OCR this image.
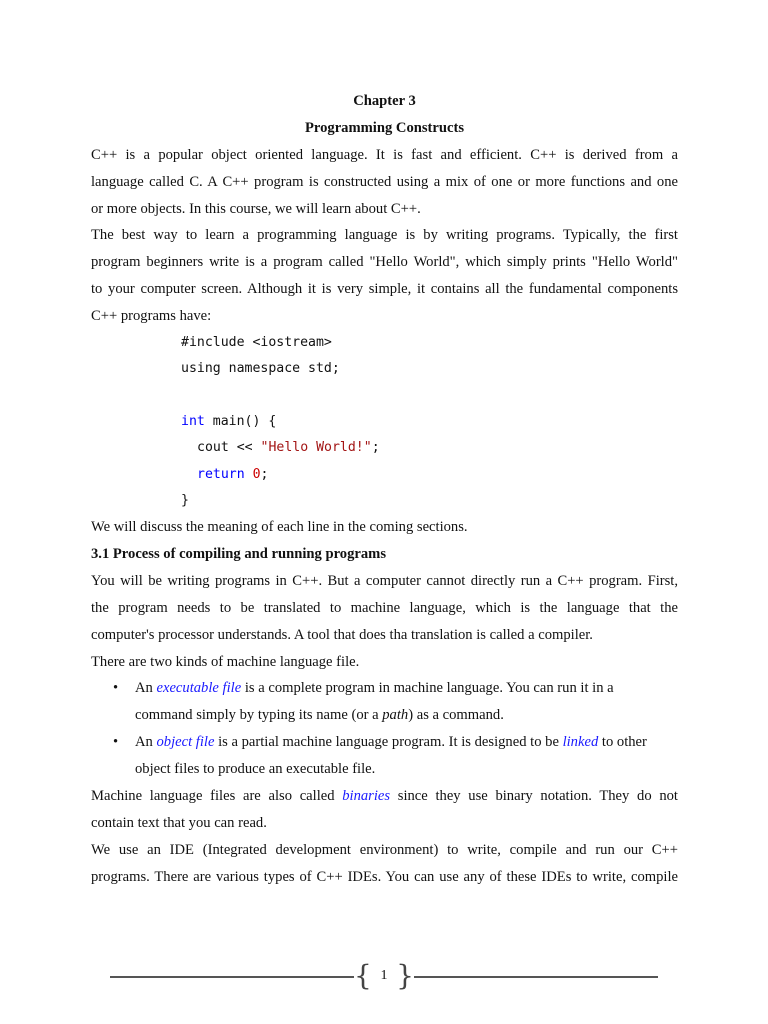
Chapter 3
Programming Constructs
C++ is a popular object oriented language. It is fast and efficient. C++ is derived from a
language called C. A C++ program is constructed using a mix of one or more functions and one
or more objects. In this course, we will learn about C++.
The best way to learn a programming language is by writing programs. Typically, the first
program beginners write is a program called "Hello World", which simply prints "Hello World"
to your computer screen. Although it is very simple, it contains all the fundamental components
C++ programs have:
#include <iostream>
using namespace std;

int main() {
cout << "Hello World!";
return 0;
}
We will discuss the meaning of each line in the coming sections.
3.1 Process of compiling and running programs
You will be writing programs in C++. But a computer cannot directly run a C++ program. First,
the program needs to be translated to machine language, which is the language that the
computer's processor understands. A tool that does tha translation is called a compiler.
There are two kinds of machine language file.
• An executable file is a complete program in machine language. You can run it in a
command simply by typing its name (or a path) as a command.
• An object file is a partial machine language program. It is designed to be linked to other
object files to produce an executable file.
Machine language files are also called binaries since they use binary notation. They do not
contain text that you can read.
We use an IDE (Integrated development environment) to write, compile and run our C++
programs. There are various types of C++ IDEs. You can use any of these IDEs to write, compile
{ 1 }
